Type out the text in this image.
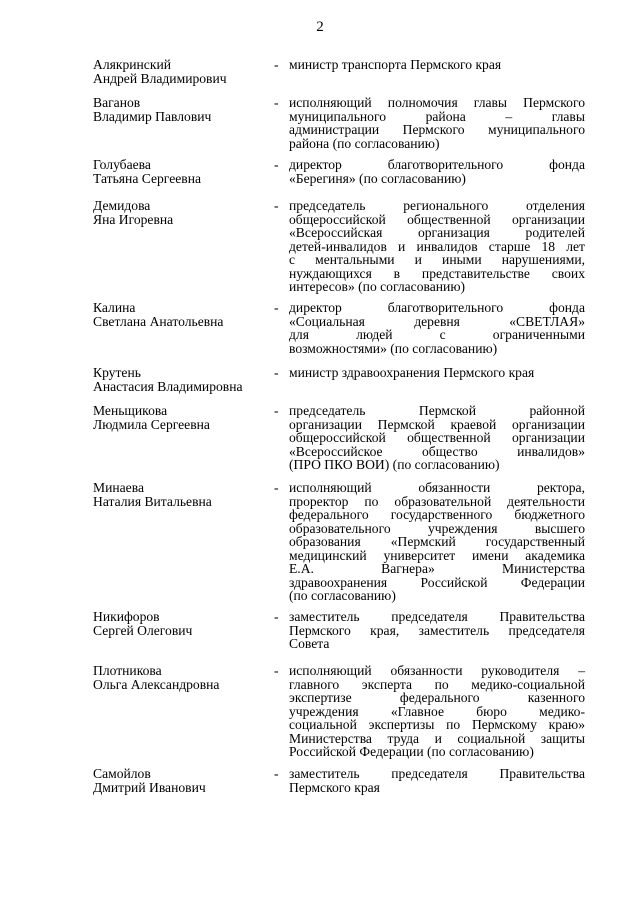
2
Алякринский
Андрей Владимирович
- министр транспорта Пермского края
Ваганов
Владимир Павлович
- исполняющий полномочия главы Пермского
муниципального района – главы
администрации Пермского муниципального
района (по согласованию)
Голубаева
Татьяна Сергеевна
- директор благотворительного фонда
«Берегиня» (по согласованию)
Демидова
Яна Игоревна
- председатель регионального отделения
общероссийской общественной организации
«Всероссийская организация родителей
детей-инвалидов и инвалидов старше 18 лет
с ментальными и иными нарушениями,
нуждающихся в представительстве своих
интересов» (по согласованию)
Калина
Светлана Анатольевна
- директор благотворительного фонда
«Социальная деревня «СВЕТЛАЯ»
для людей с ограниченными
возможностями» (по согласованию)
Крутень
Анастасия Владимировна
- министр здравоохранения Пермского края
Меньщикова
Людмила Сергеевна
- председатель Пермской районной
организации Пермской краевой организации
общероссийской общественной организации
«Всероссийское общество инвалидов»
(ПРО ПКО ВОИ) (по согласованию)
Минаева
Наталия Витальевна
- исполняющий обязанности ректора,
проректор по образовательной деятельности
федерального государственного бюджетного
образовательного учреждения высшего
образования «Пермский государственный
медицинский университет имени академика
Е.А. Вагнера» Министерства
здравоохранения Российской Федерации
(по согласованию)
Никифоров
Сергей Олегович
- заместитель председателя Правительства
Пермского края, заместитель председателя
Совета
Плотникова
Ольга Александровна
- исполняющий обязанности руководителя –
главного эксперта по медико-социальной
экспертизе федерального казенного
учреждения «Главное бюро медико-
социальной экспертизы по Пермскому краю»
Министерства труда и социальной защиты
Российской Федерации (по согласованию)
Самойлов
Дмитрий Иванович
- заместитель председателя Правительства
Пермского края
